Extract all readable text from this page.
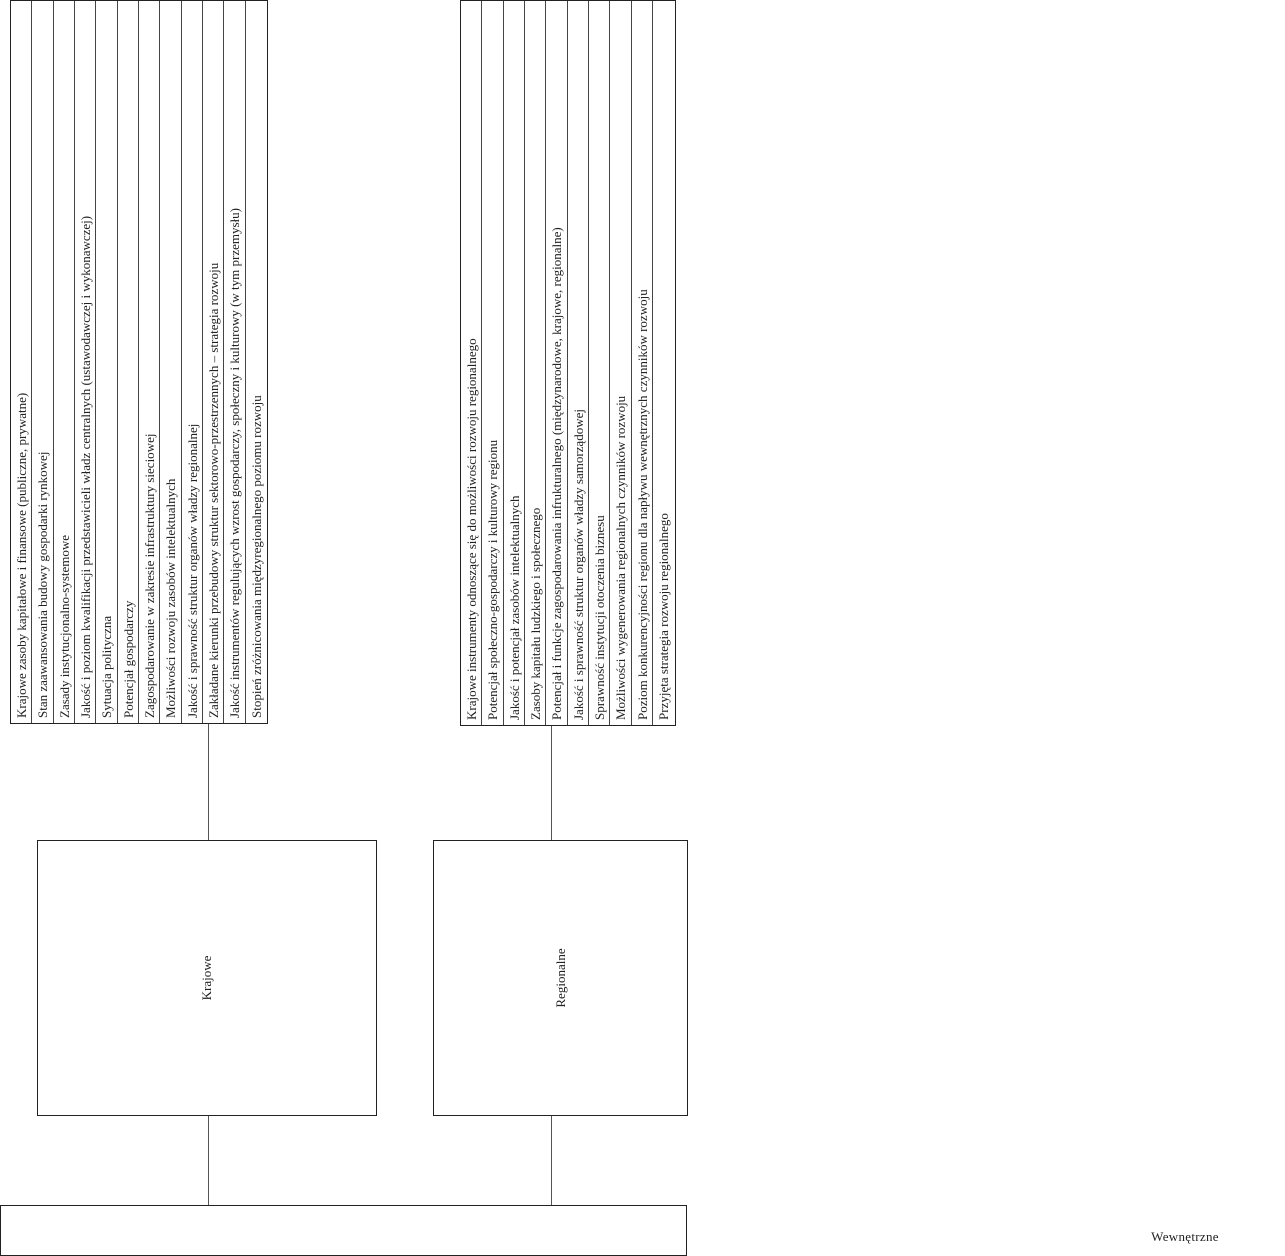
Wewnętrzne
Krajowe	Regionalne
Krajowe zasoby kapitałowe i finansowe (publiczne, prywatne) Stan zaawansowania budowy gospodarki rynkowej Zasady instytucjonalno-systemowe Jakość i poziom kwalifikacji przedstawicieli władz centralnych (ustawodawczej i wykonawczej) Sytuacja polityczna Potencjał gospodarczy Zagospodarowanie w zakresie infrastruktury sieciowej Możliwości rozwoju zasobów intelektualnych Jakość i sprawność struktur organów władzy regionalnej Zakładane kierunki przebudowy struktur sektorowo-przestrzennych – strategia rozwoju Jakość instrumentów regulujących wzrost gospodarczy, społeczny i kulturowy (w tym przemysłu) Stopień zróżnicowania międzyregionalnego poziomu rozwoju	Krajowe instrumenty odnoszące się do możliwości rozwoju regionalnego Potencjał społeczno-gospodarczy i kulturowy regionu Jakość i potencjał zasobów intelektualnych Zasoby kapitału ludzkiego i społecznego Potencjał i funkcje zagospodarowania infrukturalnego (międzynarodowe, krajowe, regionalne) Jakość i sprawność struktur organów władzy samorządowej Sprawność instytucji otoczenia biznesu Możliwości wygenerowania regionalnych czynników rozwoju Poziom konkurencyjności regionu dla napływu wewnętrznych czynników rozwoju Przyjęta strategia rozwoju regionalnego
